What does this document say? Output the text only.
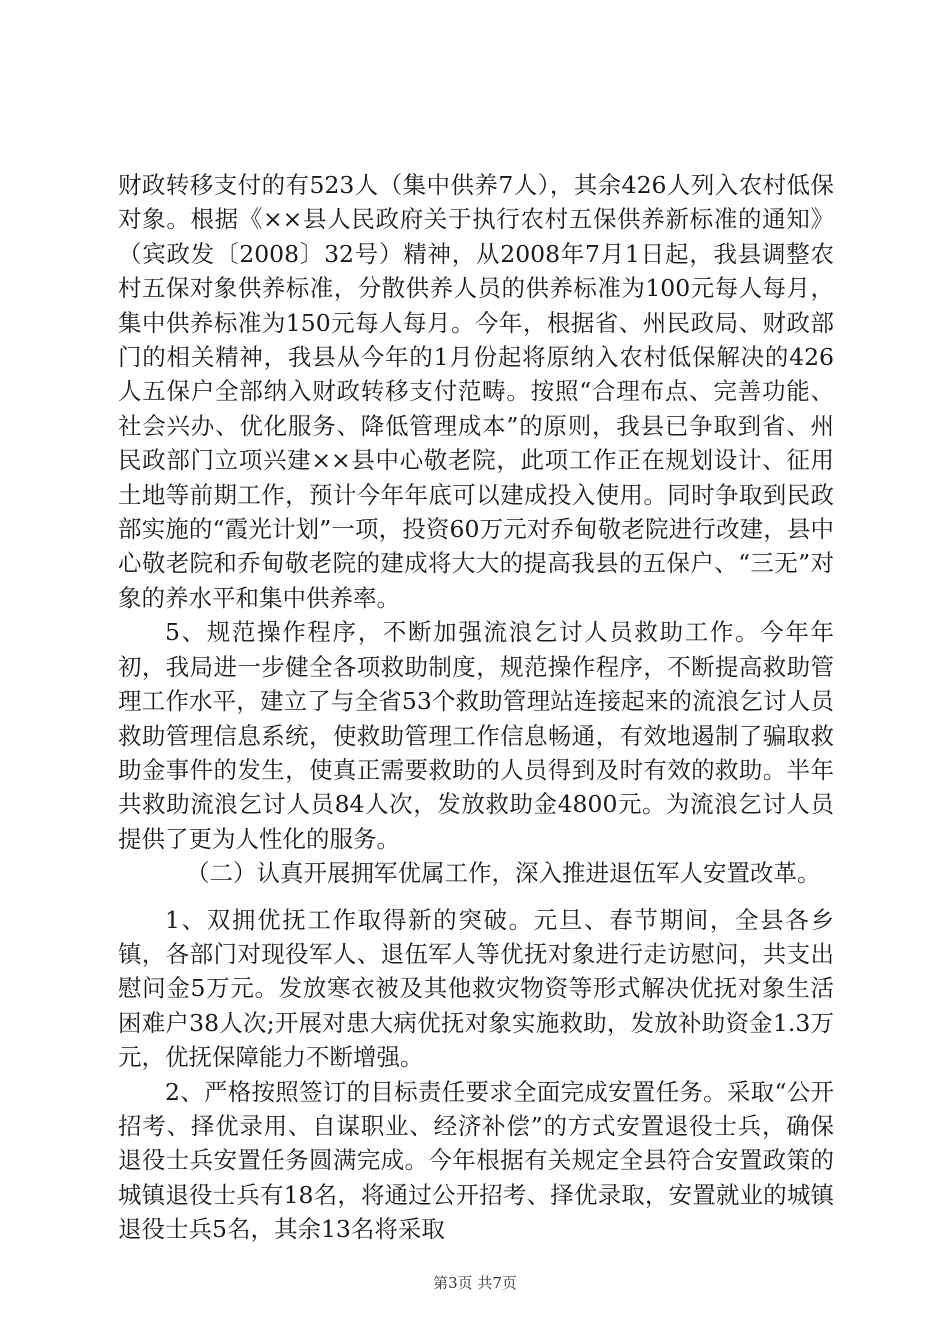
财政转移支付的有523人（集中供养7人），其余426人列入农村低保对象。根据《××县人民政府关于执行农村五保供养新标准的通知》（宾政发〔2008〕32号）精神，从2008年7月1日起，我县调整农村五保对象供养标准，分散供养人员的供养标准为100元每人每月，集中供养标准为150元每人每月。今年，根据省、州民政局、财政部门的相关精神，我县从今年的1月份起将原纳入农村低保解决的426人五保户全部纳入财政转移支付范畴。按照“合理布点、完善功能、社会兴办、优化服务、降低管理成本”的原则，我县已争取到省、州民政部门立项兴建××县中心敬老院，此项工作正在规划设计、征用土地等前期工作，预计今年年底可以建成投入使用。同时争取到民政部实施的“霞光计划”一项，投资60万元对乔甸敬老院进行改建，县中心敬老院和乔甸敬老院的建成将大大的提高我县的五保户、“三无”对象的养水平和集中供养率。

5、规范操作程序，不断加强流浪乞讨人员救助工作。今年年初，我局进一步健全各项救助制度，规范操作程序，不断提高救助管理工作水平，建立了与全省53个救助管理站连接起来的流浪乞讨人员救助管理信息系统，使救助管理工作信息畅通，有效地遏制了骗取救助金事件的发生，使真正需要救助的人员得到及时有效的救助。半年共救助流浪乞讨人员84人次，发放救助金4800元。为流浪乞讨人员提供了更为人性化的服务。

（二）认真开展拥军优属工作，深入推进退伍军人安置改革。

1、双拥优抚工作取得新的突破。元旦、春节期间，全县各乡镇，各部门对现役军人、退伍军人等优抚对象进行走访慰问，共支出慰问金5万元。发放寒衣被及其他救灾物资等形式解决优抚对象生活困难户38人次;开展对患大病优抚对象实施救助，发放补助资金1.3万元，优抚保障能力不断增强。

2、严格按照签订的目标责任要求全面完成安置任务。采取“公开招考、择优录用、自谋职业、经济补偿”的方式安置退役士兵，确保退役士兵安置任务圆满完成。今年根据有关规定全县符合安置政策的城镇退役士兵有18名，将通过公开招考、择优录取，安置就业的城镇退役士兵5名，其余13名将采取

第3页 共7页
